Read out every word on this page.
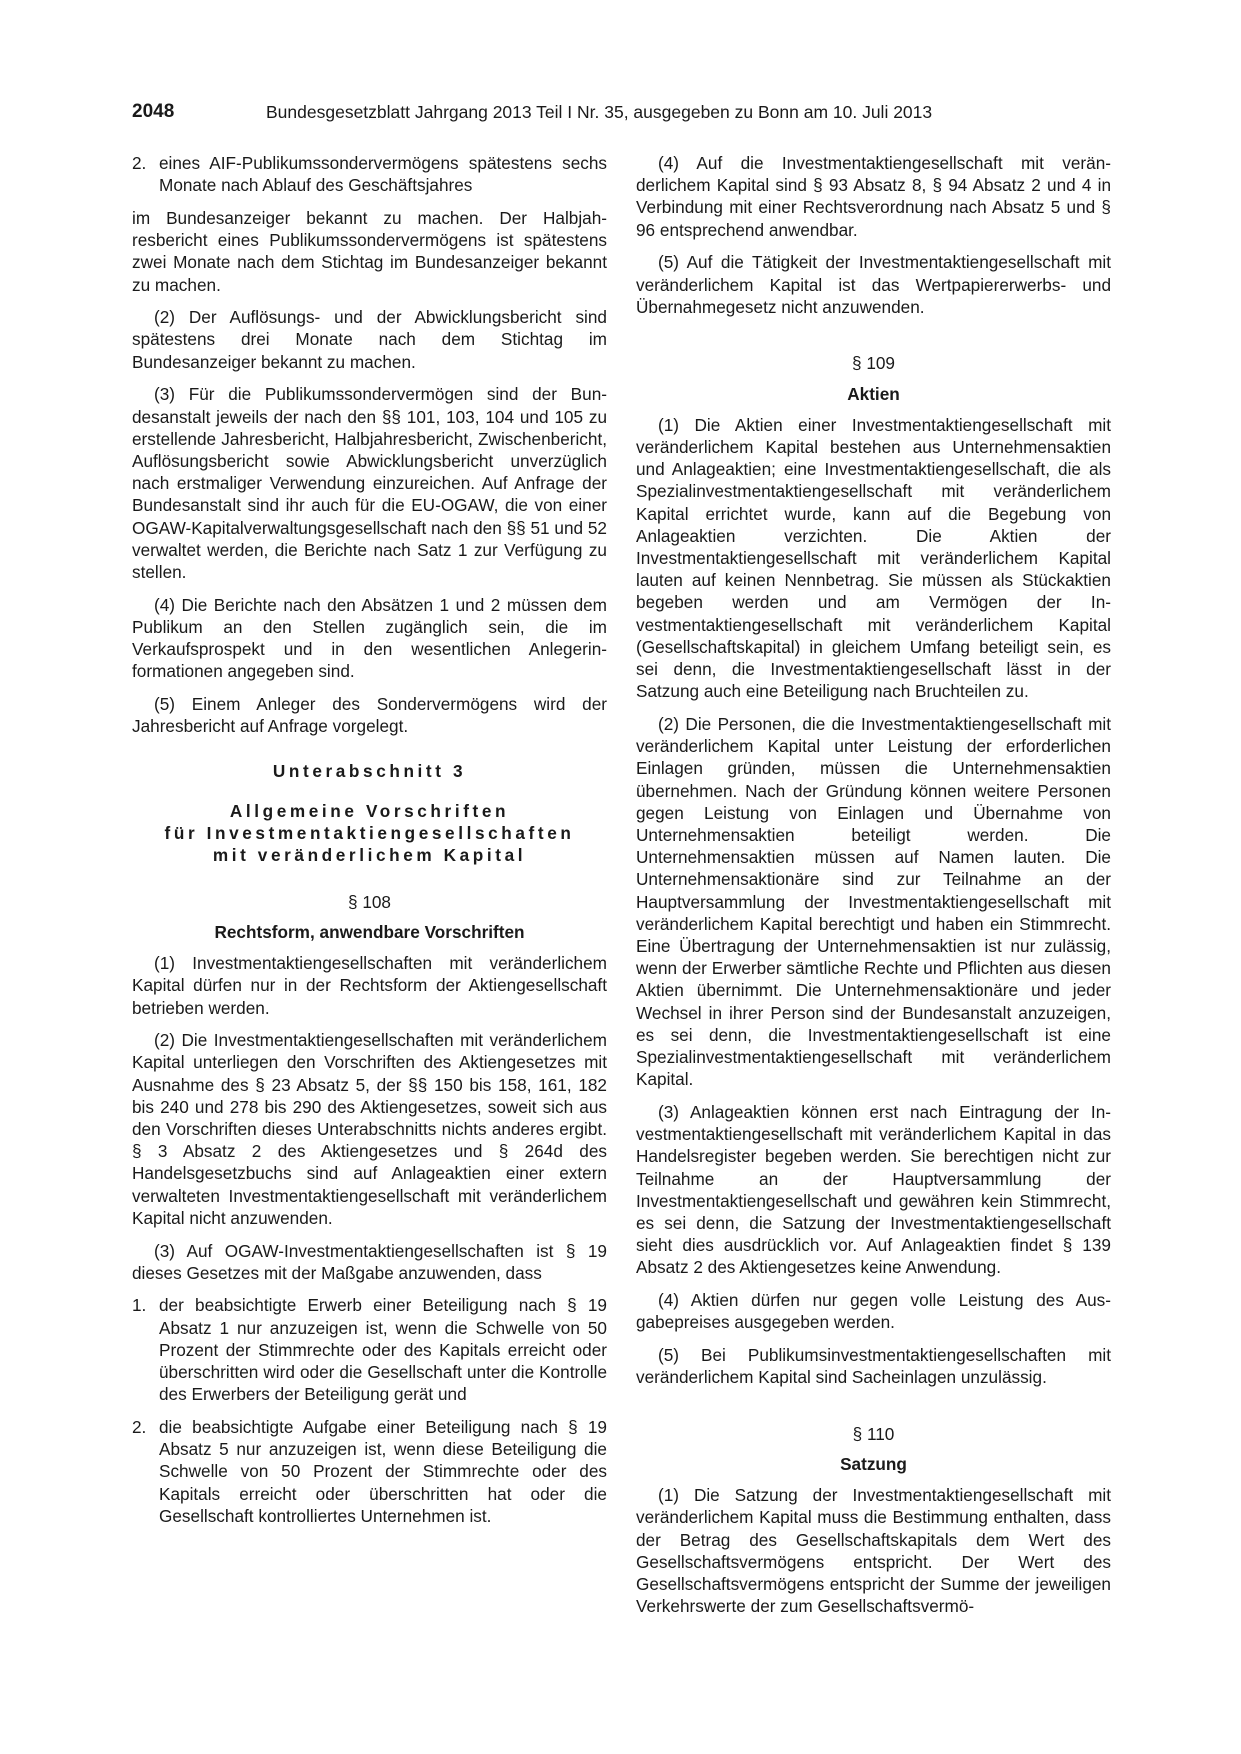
2048	Bundesgesetzblatt Jahrgang 2013 Teil I Nr. 35, ausgegeben zu Bonn am 10. Juli 2013
2. eines AIF-Publikumssondervermögens spätestens sechs Monate nach Ablauf des Geschäftsjahres

im Bundesanzeiger bekannt zu machen. Der Halbjahresbericht eines Publikumssondervermögens ist spätestens zwei Monate nach dem Stichtag im Bundesanzeiger bekannt zu machen.

(2) Der Auflösungs- und der Abwicklungsbericht sind spätestens drei Monate nach dem Stichtag im Bundesanzeiger bekannt zu machen.

(3) Für die Publikumssondervermögen sind der Bundesanstalt jeweils der nach den §§ 101, 103, 104 und 105 zu erstellende Jahresbericht, Halbjahresbericht, Zwischenbericht, Auflösungsbericht sowie Abwicklungsbericht unverzüglich nach erstmaliger Verwendung einzureichen. Auf Anfrage der Bundesanstalt sind ihr auch für die EU-OGAW, die von einer OGAW-Kapitalverwaltungsgesellschaft nach den §§ 51 und 52 verwaltet werden, die Berichte nach Satz 1 zur Verfügung zu stellen.

(4) Die Berichte nach den Absätzen 1 und 2 müssen dem Publikum an den Stellen zugänglich sein, die im Verkaufsprospekt und in den wesentlichen Anlegerinformationen angegeben sind.

(5) Einem Anleger des Sondervermögens wird der Jahresbericht auf Anfrage vorgelegt.

Unterabschnitt 3
Allgemeine Vorschriften
für Investmentaktiengesellschaften
mit veränderlichem Kapital
§ 108
Rechtsform, anwendbare Vorschriften

(1) Investmentaktiengesellschaften mit veränderlichem Kapital dürfen nur in der Rechtsform der Aktiengesellschaft betrieben werden.

(2) Die Investmentaktiengesellschaften mit veränderlichem Kapital unterliegen den Vorschriften des Aktiengesetzes mit Ausnahme des § 23 Absatz 5, der §§ 150 bis 158, 161, 182 bis 240 und 278 bis 290 des Aktiengesetzes, soweit sich aus den Vorschriften dieses Unterabschnitts nichts anderes ergibt. § 3 Absatz 2 des Aktiengesetzes und § 264d des Handelsgesetzbuchs sind auf Anlageaktien einer extern verwalteten Investmentaktiengesellschaft mit veränderlichem Kapital nicht anzuwenden.

(3) Auf OGAW-Investmentaktiengesellschaften ist § 19 dieses Gesetzes mit der Maßgabe anzuwenden, dass

1. der beabsichtigte Erwerb einer Beteiligung nach § 19 Absatz 1 nur anzuzeigen ist, wenn die Schwelle von 50 Prozent der Stimmrechte oder des Kapitals erreicht oder überschritten wird oder die Gesellschaft unter die Kontrolle des Erwerbers der Beteiligung gerät und
2. die beabsichtigte Aufgabe einer Beteiligung nach § 19 Absatz 5 nur anzuzeigen ist, wenn diese Beteiligung die Schwelle von 50 Prozent der Stimmrechte oder des Kapitals erreicht oder überschritten hat oder die Gesellschaft kontrolliertes Unternehmen ist.

(4) Auf die Investmentaktiengesellschaft mit veränderlichem Kapital sind § 93 Absatz 8, § 94 Absatz 2 und 4 in Verbindung mit einer Rechtsverordnung nach Absatz 5 und § 96 entsprechend anwendbar.

(5) Auf die Tätigkeit der Investmentaktiengesellschaft mit veränderlichem Kapital ist das Wertpapiererwerbs- und Übernahmegesetz nicht anzuwenden.

§ 109
Aktien

(1) Die Aktien einer Investmentaktiengesellschaft mit veränderlichem Kapital bestehen aus Unternehmensaktien und Anlageaktien; eine Investmentaktiengesellschaft, die als Spezialinvestmentaktiengesellschaft mit veränderlichem Kapital errichtet wurde, kann auf die Begebung von Anlageaktien verzichten. Die Aktien der Investmentaktiengesellschaft mit veränderlichem Kapital lauten auf keinen Nennbetrag. Sie müssen als Stückaktien begeben werden und am Vermögen der Investmentaktiengesellschaft mit veränderlichem Kapital (Gesellschaftskapital) in gleichem Umfang beteiligt sein, es sei denn, die Investmentaktiengesellschaft lässt in der Satzung auch eine Beteiligung nach Bruchteilen zu.

(2) Die Personen, die die Investmentaktiengesellschaft mit veränderlichem Kapital unter Leistung der erforderlichen Einlagen gründen, müssen die Unternehmensaktien übernehmen. Nach der Gründung können weitere Personen gegen Leistung von Einlagen und Übernahme von Unternehmensaktien beteiligt werden. Die Unternehmensaktien müssen auf Namen lauten. Die Unternehmensaktionäre sind zur Teilnahme an der Hauptversammlung der Investmentaktiengesellschaft mit veränderlichem Kapital berechtigt und haben ein Stimmrecht. Eine Übertragung der Unternehmensaktien ist nur zulässig, wenn der Erwerber sämtliche Rechte und Pflichten aus diesen Aktien übernimmt. Die Unternehmensaktionäre und jeder Wechsel in ihrer Person sind der Bundesanstalt anzuzeigen, es sei denn, die Investmentaktiengesellschaft ist eine Spezialinvestmentaktiengesellschaft mit veränderlichem Kapital.

(3) Anlageaktien können erst nach Eintragung der Investmentaktiengesellschaft mit veränderlichem Kapital in das Handelsregister begeben werden. Sie berechtigen nicht zur Teilnahme an der Hauptversammlung der Investmentaktiengesellschaft und gewähren kein Stimmrecht, es sei denn, die Satzung der Investmentaktiengesellschaft sieht dies ausdrücklich vor. Auf Anlageaktien findet § 139 Absatz 2 des Aktiengesetzes keine Anwendung.

(4) Aktien dürfen nur gegen volle Leistung des Ausgabepreises ausgegeben werden.

(5) Bei Publikumsinvestmentaktiengesellschaften mit veränderlichem Kapital sind Sacheinlagen unzulässig.

§ 110
Satzung

(1) Die Satzung der Investmentaktiengesellschaft mit veränderlichem Kapital muss die Bestimmung enthalten, dass der Betrag des Gesellschaftskapitals dem Wert des Gesellschaftsvermögens entspricht. Der Wert des Gesellschaftsvermögens entspricht der Summe der jeweiligen Verkehrswerte der zum Gesellschaftsvermö-
